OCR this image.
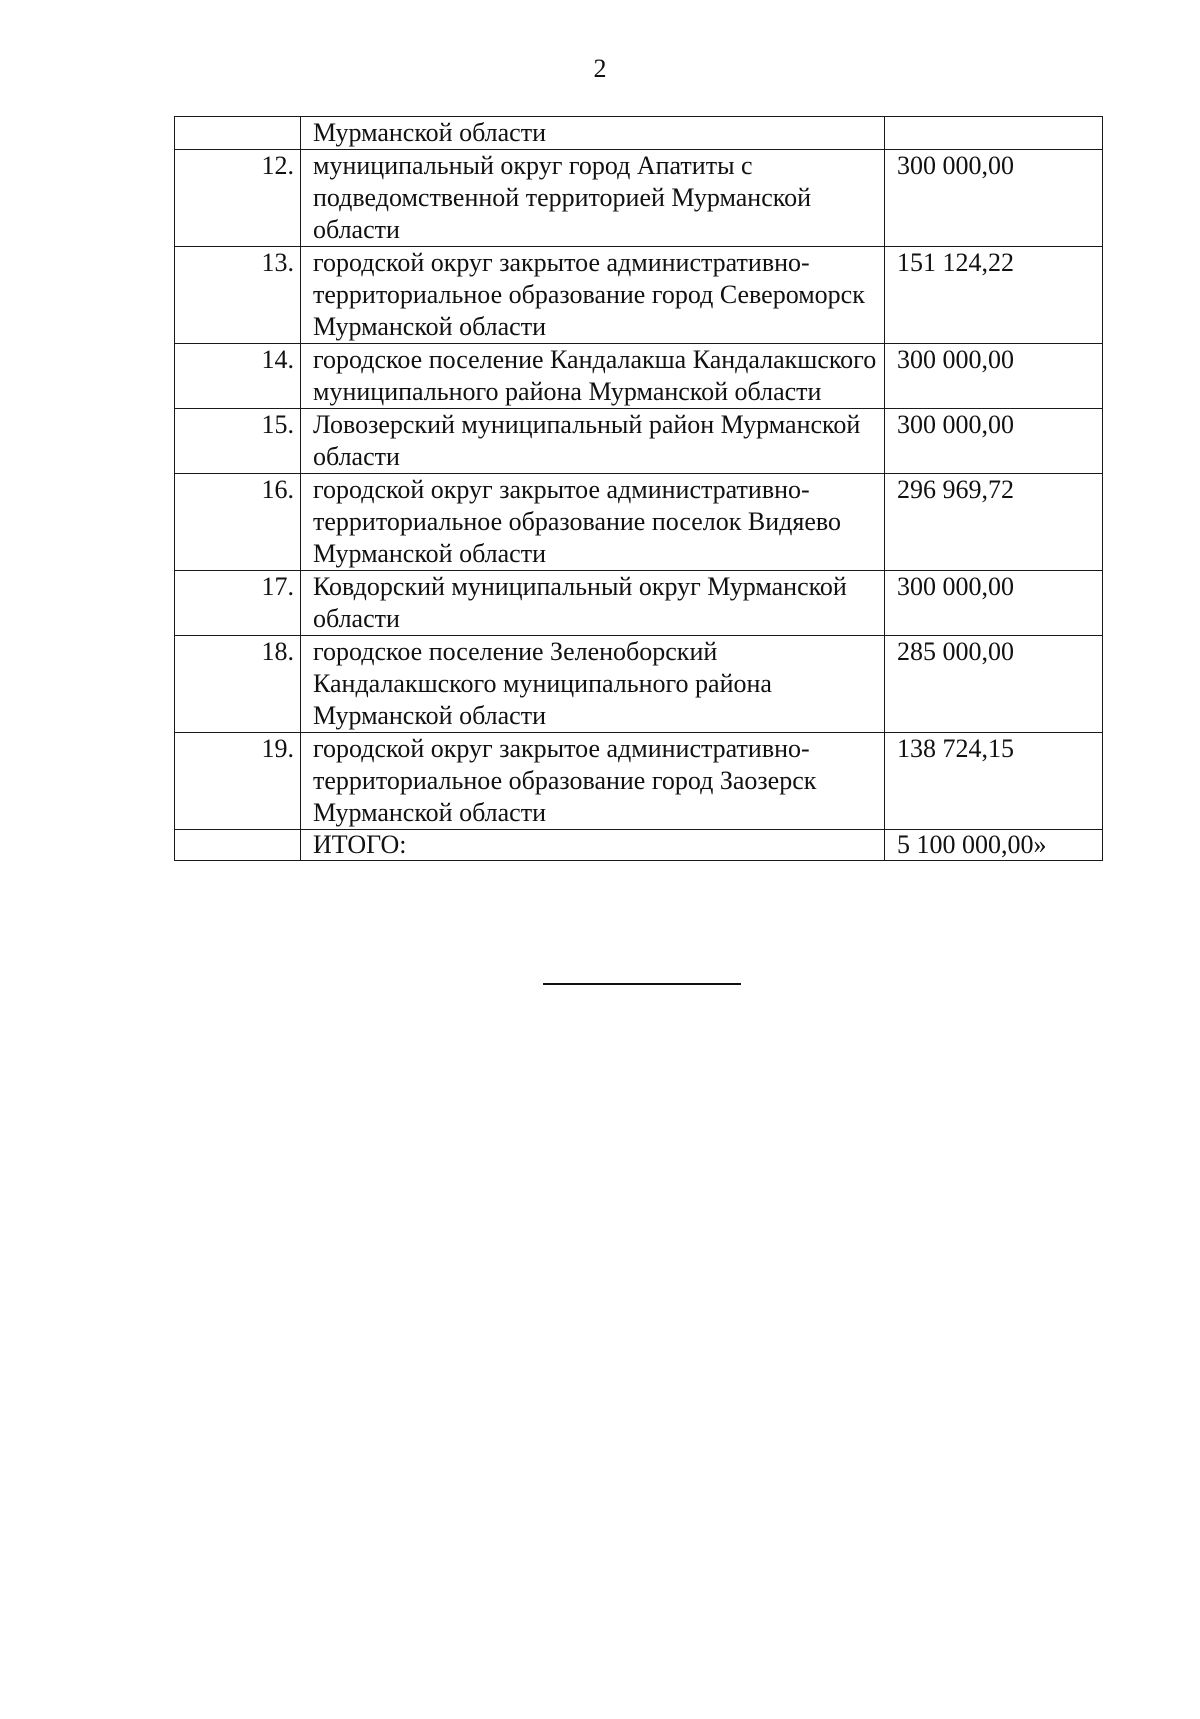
2
	Мурманской области	
12.	муниципальный округ город Апатиты с подведомственной территорией Мурманской области	300 000,00
13.	городской округ закрытое административно-территориальное образование город Североморск Мурманской области	151 124,22
14.	городское поселение Кандалакша Кандалакшского муниципального района Мурманской области	300 000,00
15.	Ловозерский муниципальный район Мурманской области	300 000,00
16.	городской округ закрытое административно-территориальное образование поселок Видяево Мурманской области	296 969,72
17.	Ковдорский муниципальный округ Мурманской области	300 000,00
18.	городское поселение Зеленоборский Кандалакшского муниципального района Мурманской области	285 000,00
19.	городской округ закрытое административно-территориальное образование город Заозерск Мурманской области	138 724,15
	ИТОГО:	5 100 000,00»
